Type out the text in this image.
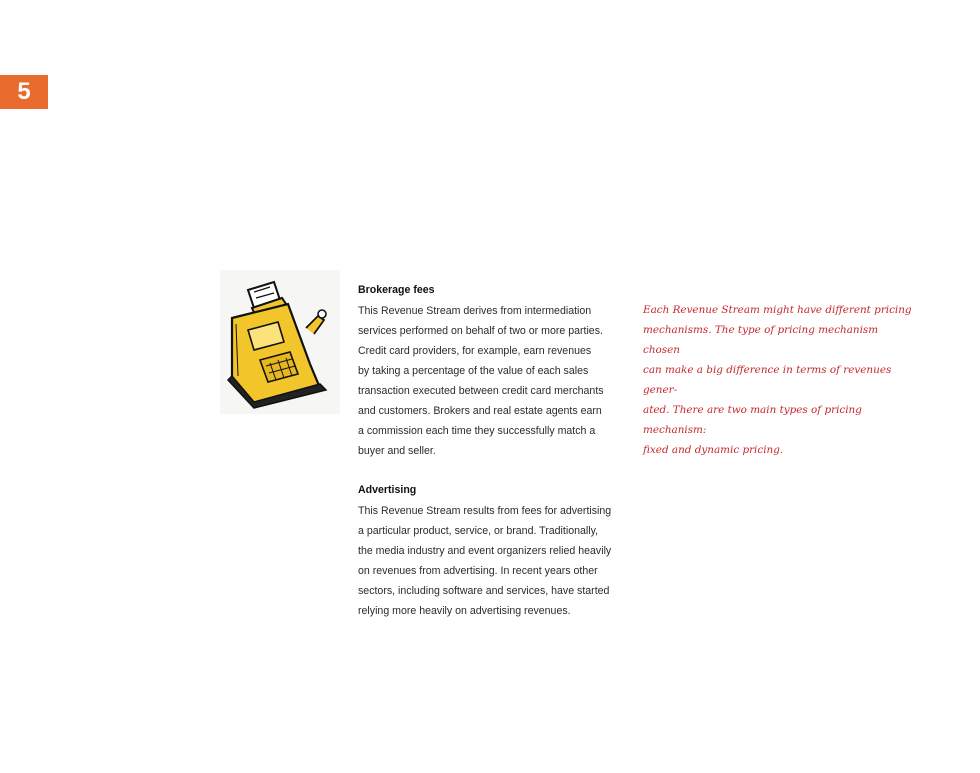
5
Brokerage fees

This Revenue Stream derives from intermediation
services performed on behalf of two or more parties.
Credit card providers, for example, earn revenues
by taking a percentage of the value of each sales
transaction executed between credit card merchants
and customers. Brokers and real estate agents earn
a commission each time they successfully match a
buyer and seller.

Advertising

This Revenue Stream results from fees for advertising
a particular product, service, or brand. Traditionally,
the media industry and event organizers relied heavily
on revenues from advertising. In recent years other
sectors, including software and services, have started
relying more heavily on advertising revenues.

Each Revenue Stream might have different pricing
mechanisms. The type of pricing mechanism chosen
can make a big difference in terms of revenues gener-
ated. There are two main types of pricing mechanism:
fixed and dynamic pricing.
